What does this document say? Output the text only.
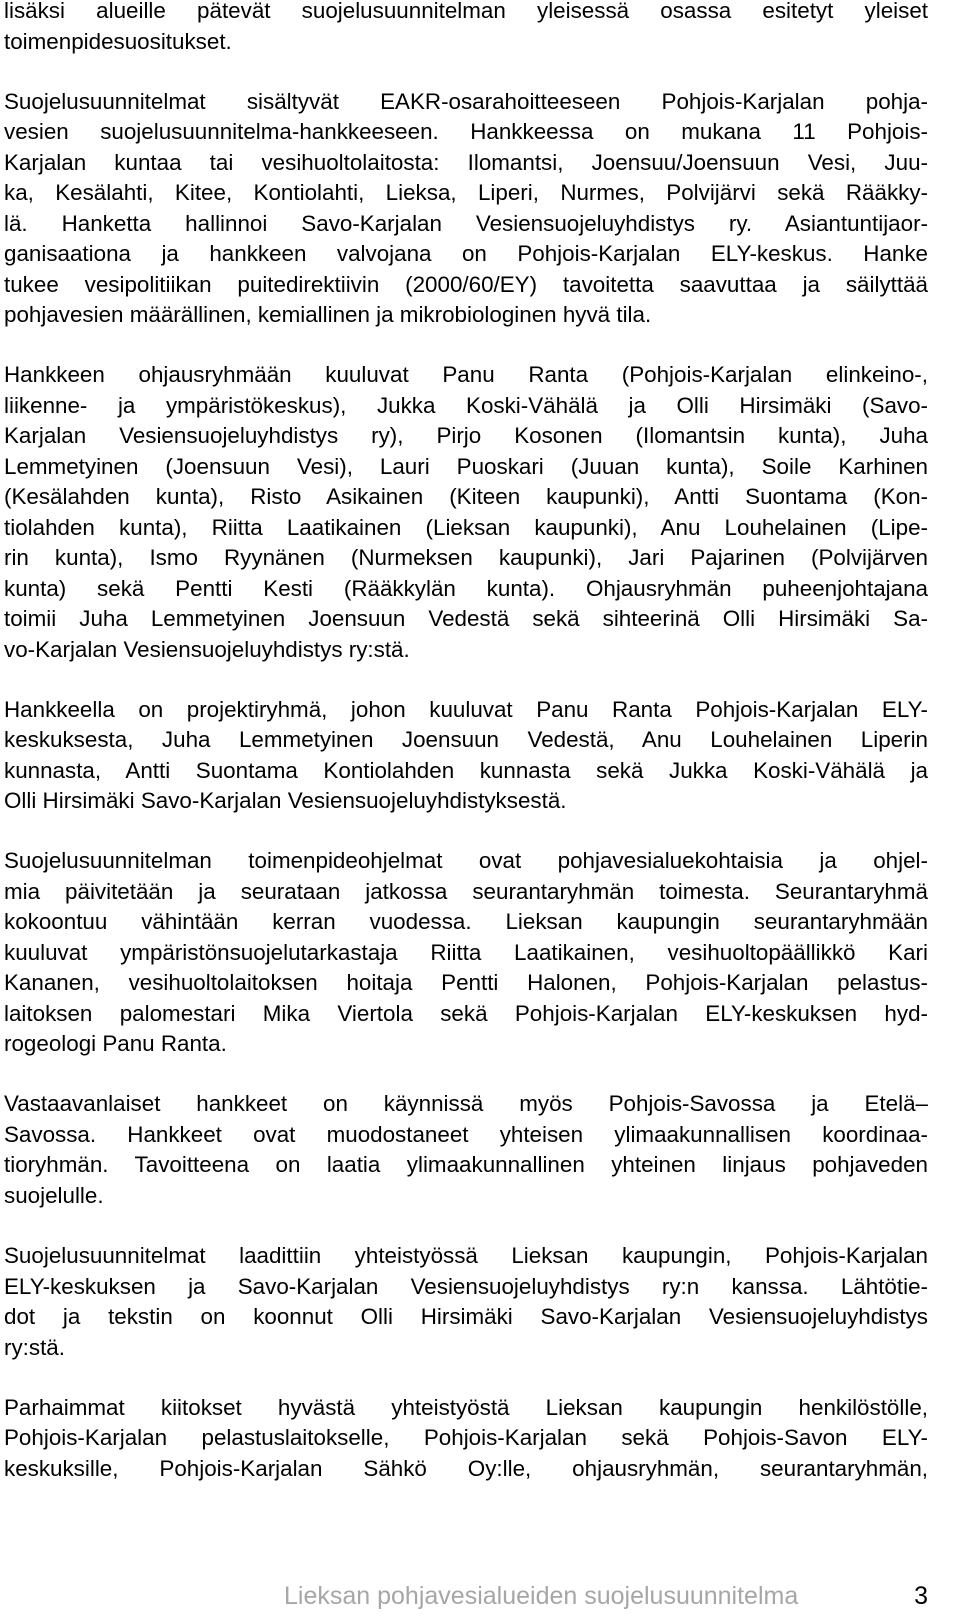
lisäksi alueille pätevät suojelusuunnitelman yleisessä osassa esitetyt yleiset
toimenpidesuositukset.
Suojelusuunnitelmat sisältyvät EAKR-osarahoitteeseen Pohjois-Karjalan pohja-
vesien suojelusuunnitelma-hankkeeseen. Hankkeessa on mukana 11 Pohjois-
Karjalan kuntaa tai vesihuoltolaitosta: Ilomantsi, Joensuu/Joensuun Vesi, Juu-
ka, Kesälahti, Kitee, Kontiolahti, Lieksa, Liperi, Nurmes, Polvijärvi sekä Rääkky-
lä. Hanketta hallinnoi Savo-Karjalan Vesiensuojeluyhdistys ry. Asiantuntijaor-
ganisaationa ja hankkeen valvojana on Pohjois-Karjalan ELY-keskus. Hanke
tukee vesipolitiikan puitedirektiivin (2000/60/EY) tavoitetta saavuttaa ja säilyttää
pohjavesien määrällinen, kemiallinen ja mikrobiologinen hyvä tila.
Hankkeen ohjausryhmään kuuluvat Panu Ranta (Pohjois-Karjalan elinkeino-,
liikenne- ja ympäristökeskus), Jukka Koski-Vähälä ja Olli Hirsimäki (Savo-
Karjalan Vesiensuojeluyhdistys ry), Pirjo Kosonen (Ilomantsin kunta), Juha
Lemmetyinen (Joensuun Vesi), Lauri Puoskari (Juuan kunta), Soile Karhinen
(Kesälahden kunta), Risto Asikainen (Kiteen kaupunki), Antti Suontama (Kon-
tiolahden kunta), Riitta Laatikainen (Lieksan kaupunki), Anu Louhelainen (Lipe-
rin kunta), Ismo Ryynänen (Nurmeksen kaupunki), Jari Pajarinen (Polvijärven
kunta) sekä Pentti Kesti (Rääkkylän kunta). Ohjausryhmän puheenjohtajana
toimii Juha Lemmetyinen Joensuun Vedestä sekä sihteerinä Olli Hirsimäki Sa-
vo-Karjalan Vesiensuojeluyhdistys ry:stä.
Hankkeella on projektiryhmä, johon kuuluvat Panu Ranta Pohjois-Karjalan ELY-
keskuksesta, Juha Lemmetyinen Joensuun Vedestä, Anu Louhelainen Liperin
kunnasta, Antti Suontama Kontiolahden kunnasta sekä Jukka Koski-Vähälä ja
Olli Hirsimäki Savo-Karjalan Vesiensuojeluyhdistyksestä.
Suojelusuunnitelman toimenpideohjelmat ovat pohjavesialuekohtaisia ja ohjel-
mia päivitetään ja seurataan jatkossa seurantaryhmän toimesta. Seurantaryhmä
kokoontuu vähintään kerran vuodessa. Lieksan kaupungin seurantaryhmään
kuuluvat ympäristönsuojelutarkastaja Riitta Laatikainen, vesihuoltopäällikkö Kari
Kananen, vesihuoltolaitoksen hoitaja Pentti Halonen, Pohjois-Karjalan pelastus-
laitoksen palomestari Mika Viertola sekä Pohjois-Karjalan ELY-keskuksen hyd-
rogeologi Panu Ranta.
Vastaavanlaiset hankkeet on käynnissä myös Pohjois-Savossa ja Etelä–
Savossa. Hankkeet ovat muodostaneet yhteisen ylimaakunnallisen koordinaa-
tioryhmän. Tavoitteena on laatia ylimaakunnallinen yhteinen linjaus pohjaveden
suojelulle.
Suojelusuunnitelmat laadittiin yhteistyössä Lieksan kaupungin, Pohjois-Karjalan
ELY-keskuksen ja Savo-Karjalan Vesiensuojeluyhdistys ry:n kanssa. Lähtötie-
dot ja tekstin on koonnut Olli Hirsimäki Savo-Karjalan Vesiensuojeluyhdistys
ry:stä.
Parhaimmat kiitokset hyvästä yhteistyöstä Lieksan kaupungin henkilöstölle,
Pohjois-Karjalan pelastuslaitokselle, Pohjois-Karjalan sekä Pohjois-Savon ELY-
keskuksille, Pohjois-Karjalan Sähkö Oy:lle, ohjausryhmän, seurantaryhmän,
Lieksan pohjavesialueiden suojelusuunnitelma	3
